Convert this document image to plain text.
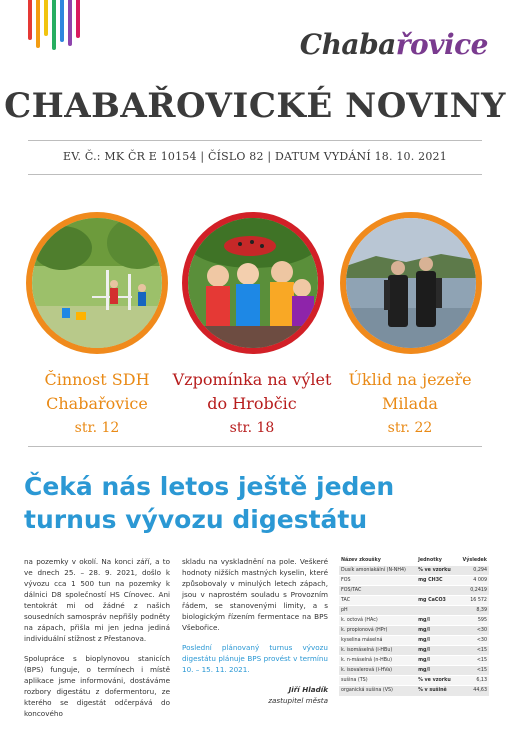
Chabařovice
CHABAŘOVICKÉ NOVINY
EV. Č.: MK ČR E 10154 | ČÍSLO 82 | DATUM VYDÁNÍ 18. 10. 2021
Činnost SDH
Chabařovice
str. 12
Vzpomínka na výlet
do Hrobčic
str. 18
Úklid na jezeře
Milada
str. 22
Čeká nás letos ještě jeden turnus vývozu digestátu

na pozemky v okolí. Na konci září, a to ve dnech 25. – 28. 9. 2021, došlo k vývozu cca 1 500 tun na pozemky k dálnici D8 společností HS Cínovec. Ani tentokrát mi od žádné z našich sousedních samospráv nepřišly podněty na zápach, přišla mi jen jedna jediná individuální stížnost z Přestanova.

Spolupráce s bioplynovou stanicích (BPS) funguje, o termínech i místě aplikace jsme informováni, dostáváme rozbory digestátu z dofermentoru, ze kterého se digestát odčerpává do koncového

skladu na vyskladnění na pole. Veškeré hodnoty nižších mastných kyselin, které způsobovaly v minulých letech zápach, jsou v naprostém souladu s Provozním řádem, se stanovenými limity, a s biologickým řízením fermentace na BPS Všebořice.

Poslední plánovaný turnus vývozu digestátu plánuje BPS provést v termínu 10. – 15. 11. 2021.

Jiří Hladík
zastupitel města
Název zkoušky	Jednotky	Výsledek
Dusík amoniakální (N-NH4)	% ve vzorku	0,294
FOS	mg CH3C	4 009
FOS/TAC		0,2419
TAC	mg CaCO3	16 572
pH		8,39
k. octová (HAc)	mg/l	595
k. propionová (HPr)	mg/l	<30
kyselina máselná	mg/l	<30
k. isomáselná (i-HBu)	mg/l	<15
k. n-máselná (n-HBu)	mg/l	<15
k. isovalerová (i-HVa)	mg/l	<15
sušina (TS)	% ve vzorku	6,13
organická sušina (VS)	% v sušině	44,63
